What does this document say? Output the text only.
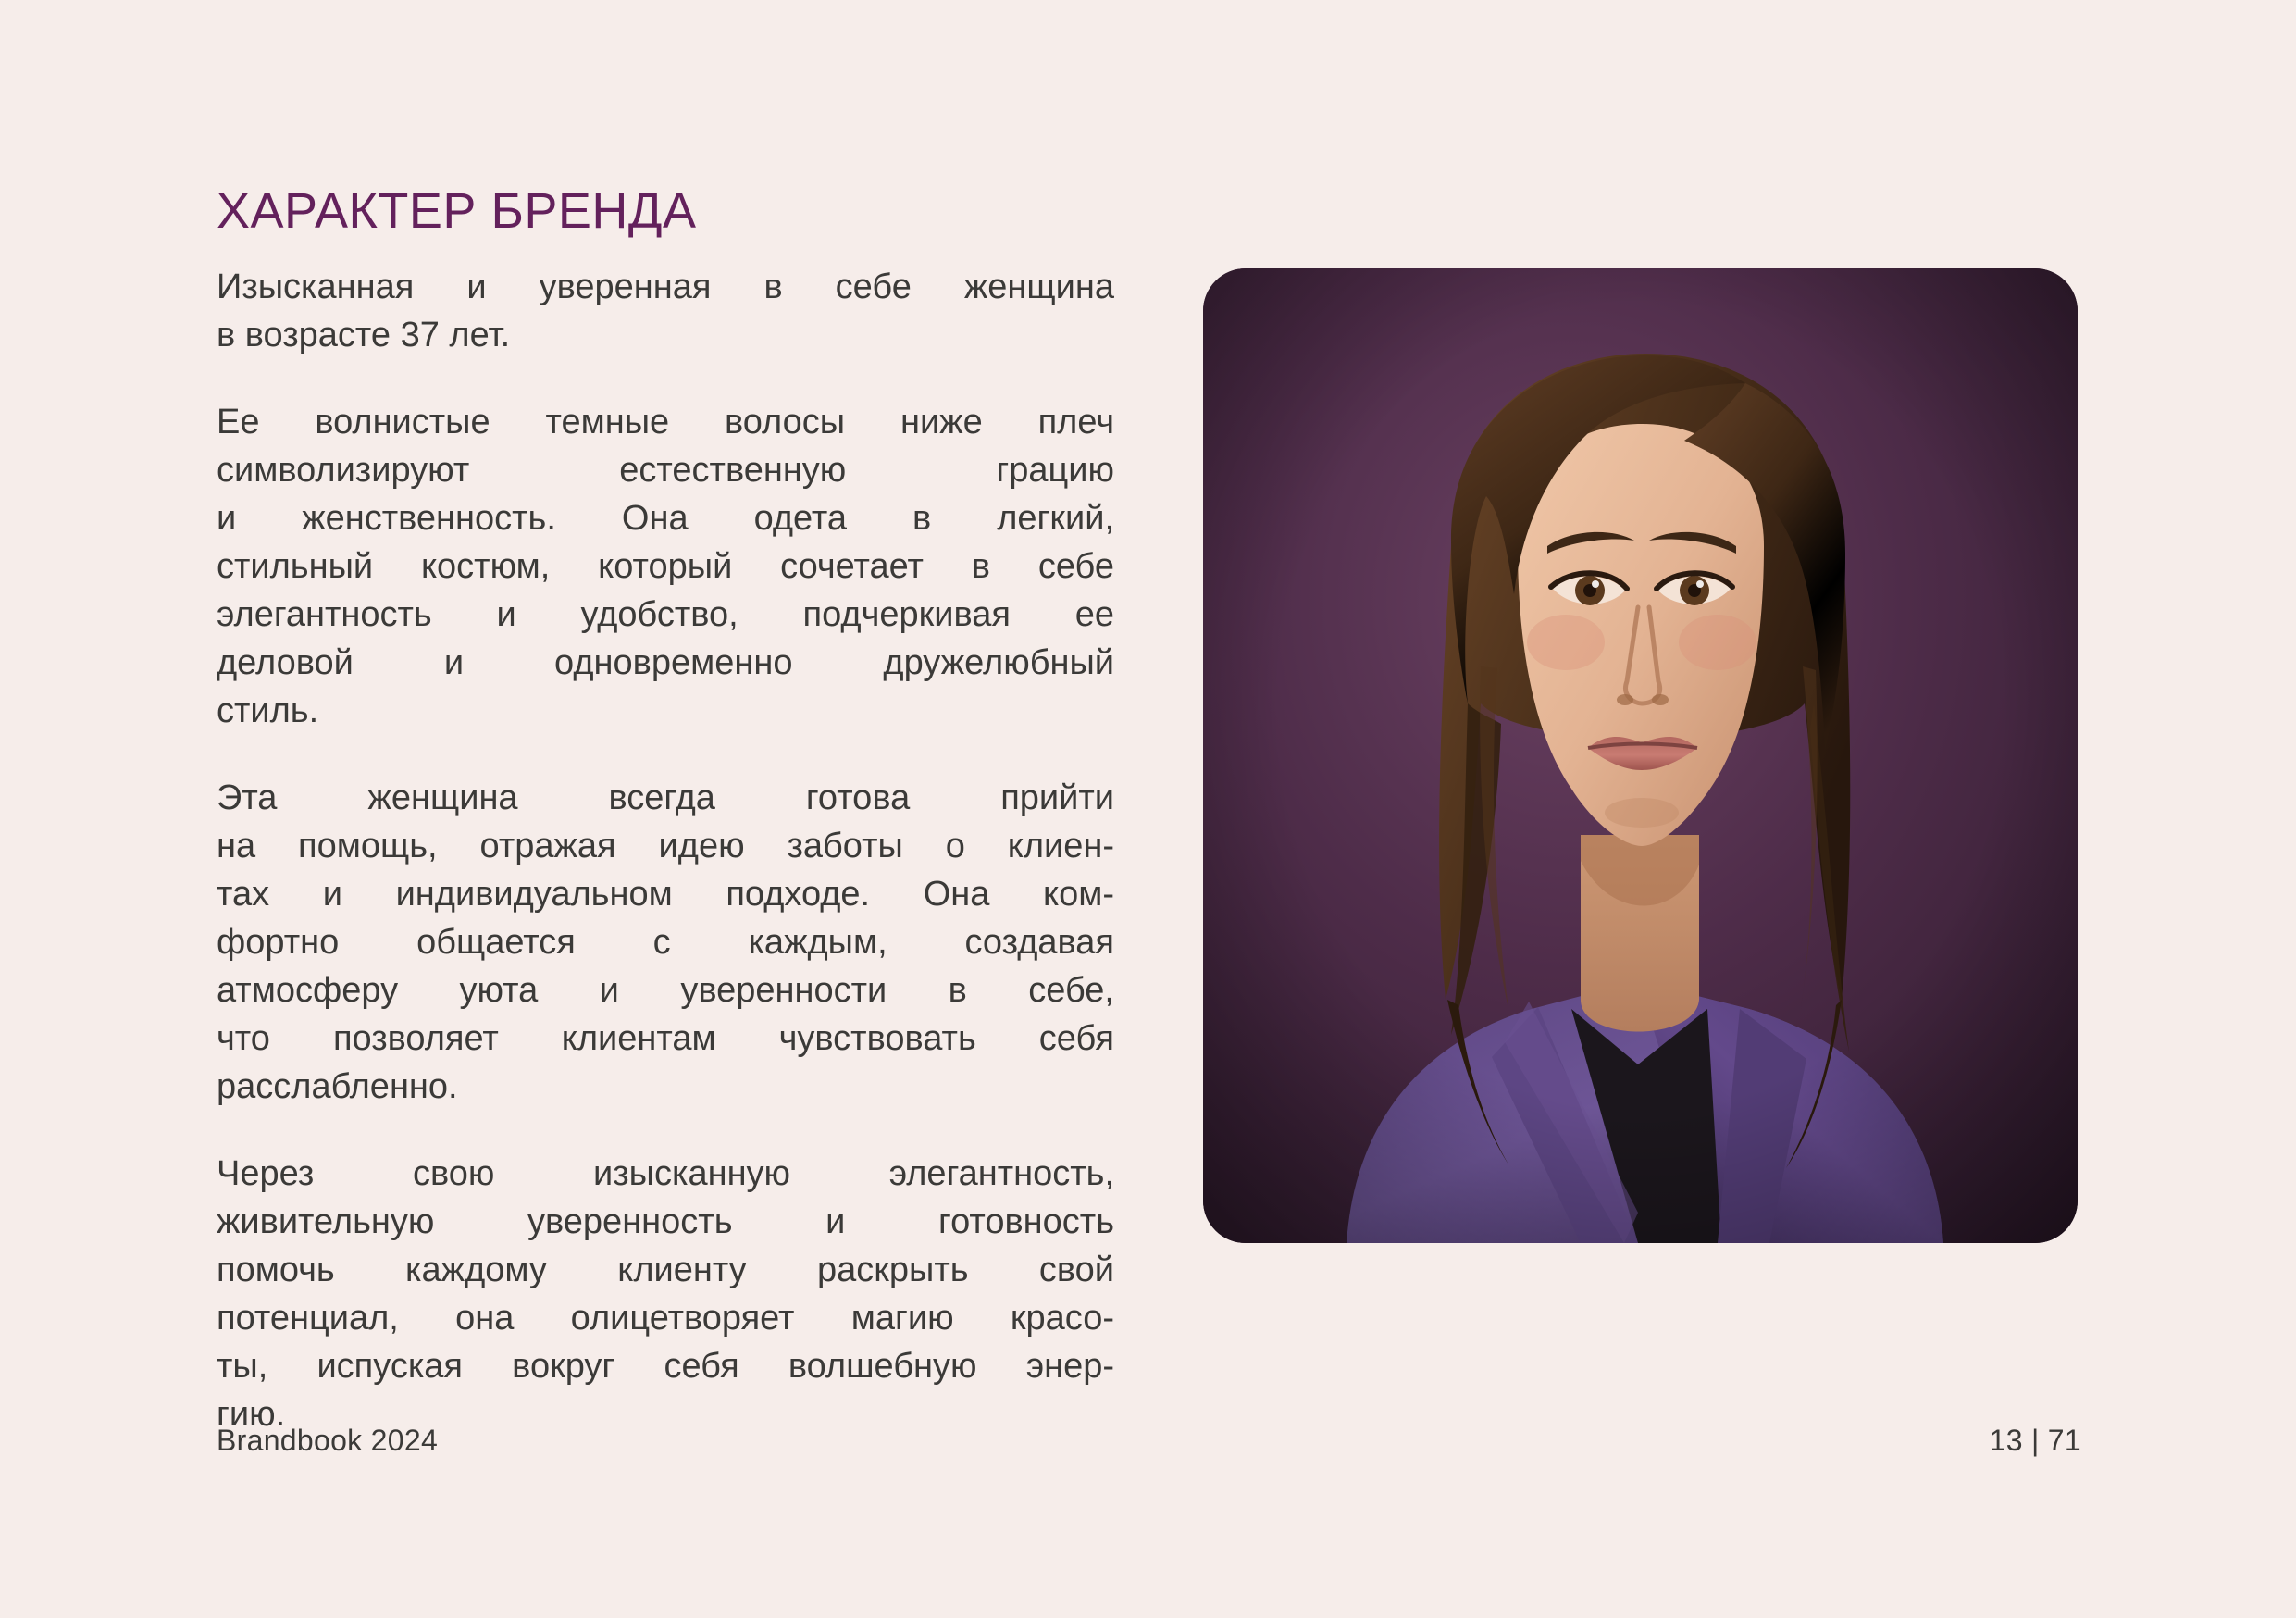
ХАРАКТЕР БРЕНДА

Изысканная и уверенная в себе женщина
в возрасте 37 лет.

Ее волнистые темные волосы ниже плеч
символизируют естественную грацию
и женственность. Она одета в легкий,
стильный костюм, который сочетает в себе
элегантность и удобство, подчеркивая ее
деловой и одновременно дружелюбный
стиль.

Эта женщина всегда готова прийти
на помощь, отражая идею заботы о клиен-
тах и индивидуальном подходе. Она ком-
фортно общается с каждым, создавая
атмосферу уюта и уверенности в себе,
что позволяет клиентам чувствовать себя
расслабленно.

Через свою изысканную элегантность,
живительную уверенность и готовность
помочь каждому клиенту раскрыть свой
потенциал, она олицетворяет магию красо-
ты, испуская вокруг себя волшебную энер-
гию.

Brandbook 2024	13 | 71
